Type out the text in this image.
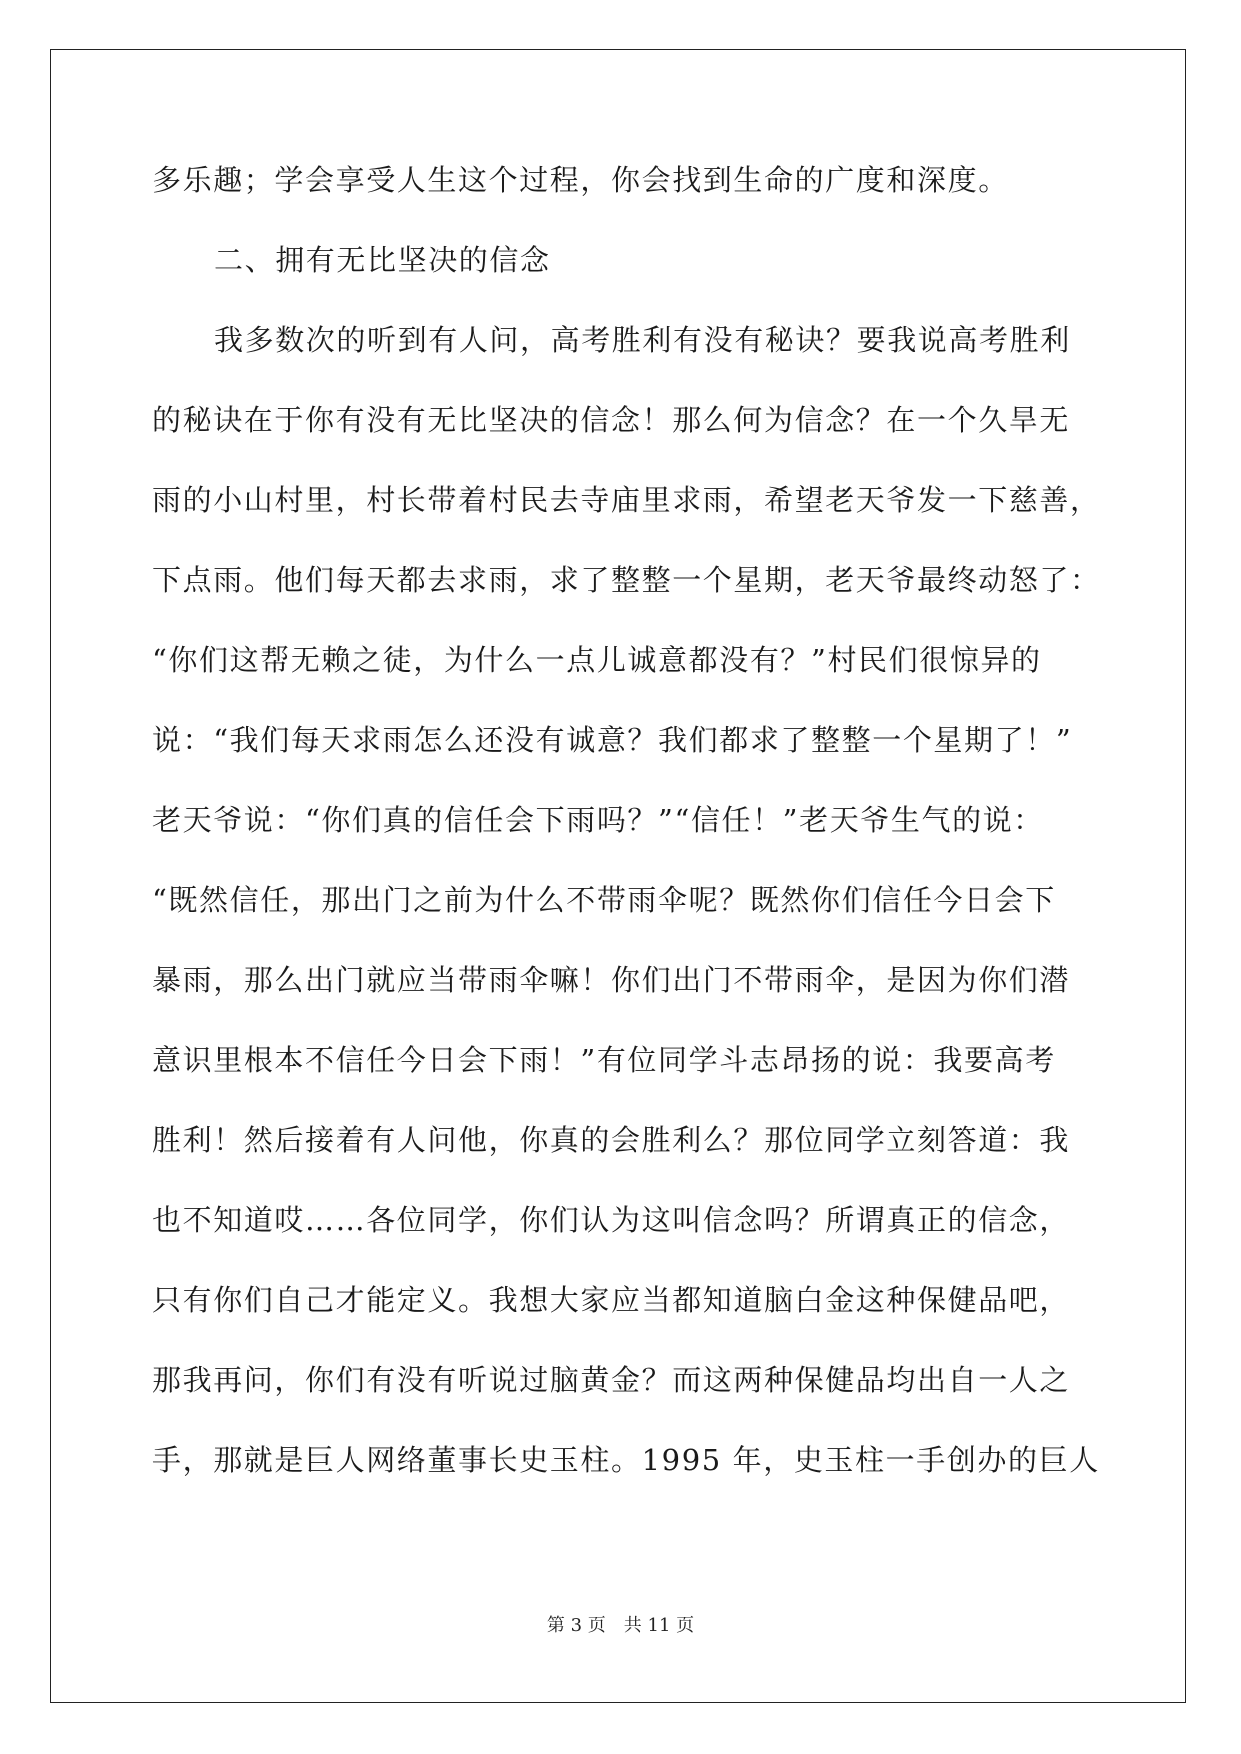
多乐趣；学会享受人生这个过程，你会找到生命的广度和深度。
二、拥有无比坚决的信念
我多数次的听到有人问，高考胜利有没有秘诀？要我说高考胜利
的秘诀在于你有没有无比坚决的信念！那么何为信念？在一个久旱无
雨的小山村里，村长带着村民去寺庙里求雨，希望老天爷发一下慈善，
下点雨。他们每天都去求雨，求了整整一个星期，老天爷最终动怒了：
“你们这帮无赖之徒，为什么一点儿诚意都没有？”村民们很惊异的
说：“我们每天求雨怎么还没有诚意？我们都求了整整一个星期了！”
老天爷说：“你们真的信任会下雨吗？”“信任！”老天爷生气的说：
“既然信任，那出门之前为什么不带雨伞呢？既然你们信任今日会下
暴雨，那么出门就应当带雨伞嘛！你们出门不带雨伞，是因为你们潜
意识里根本不信任今日会下雨！”有位同学斗志昂扬的说：我要高考
胜利！然后接着有人问他，你真的会胜利么？那位同学立刻答道：我
也不知道哎……各位同学，你们认为这叫信念吗？所谓真正的信念，
只有你们自己才能定义。我想大家应当都知道脑白金这种保健品吧，
那我再问，你们有没有听说过脑黄金？而这两种保健品均出自一人之
手，那就是巨人网络董事长史玉柱。1995 年，史玉柱一手创办的巨人
第 3 页 共 11 页
